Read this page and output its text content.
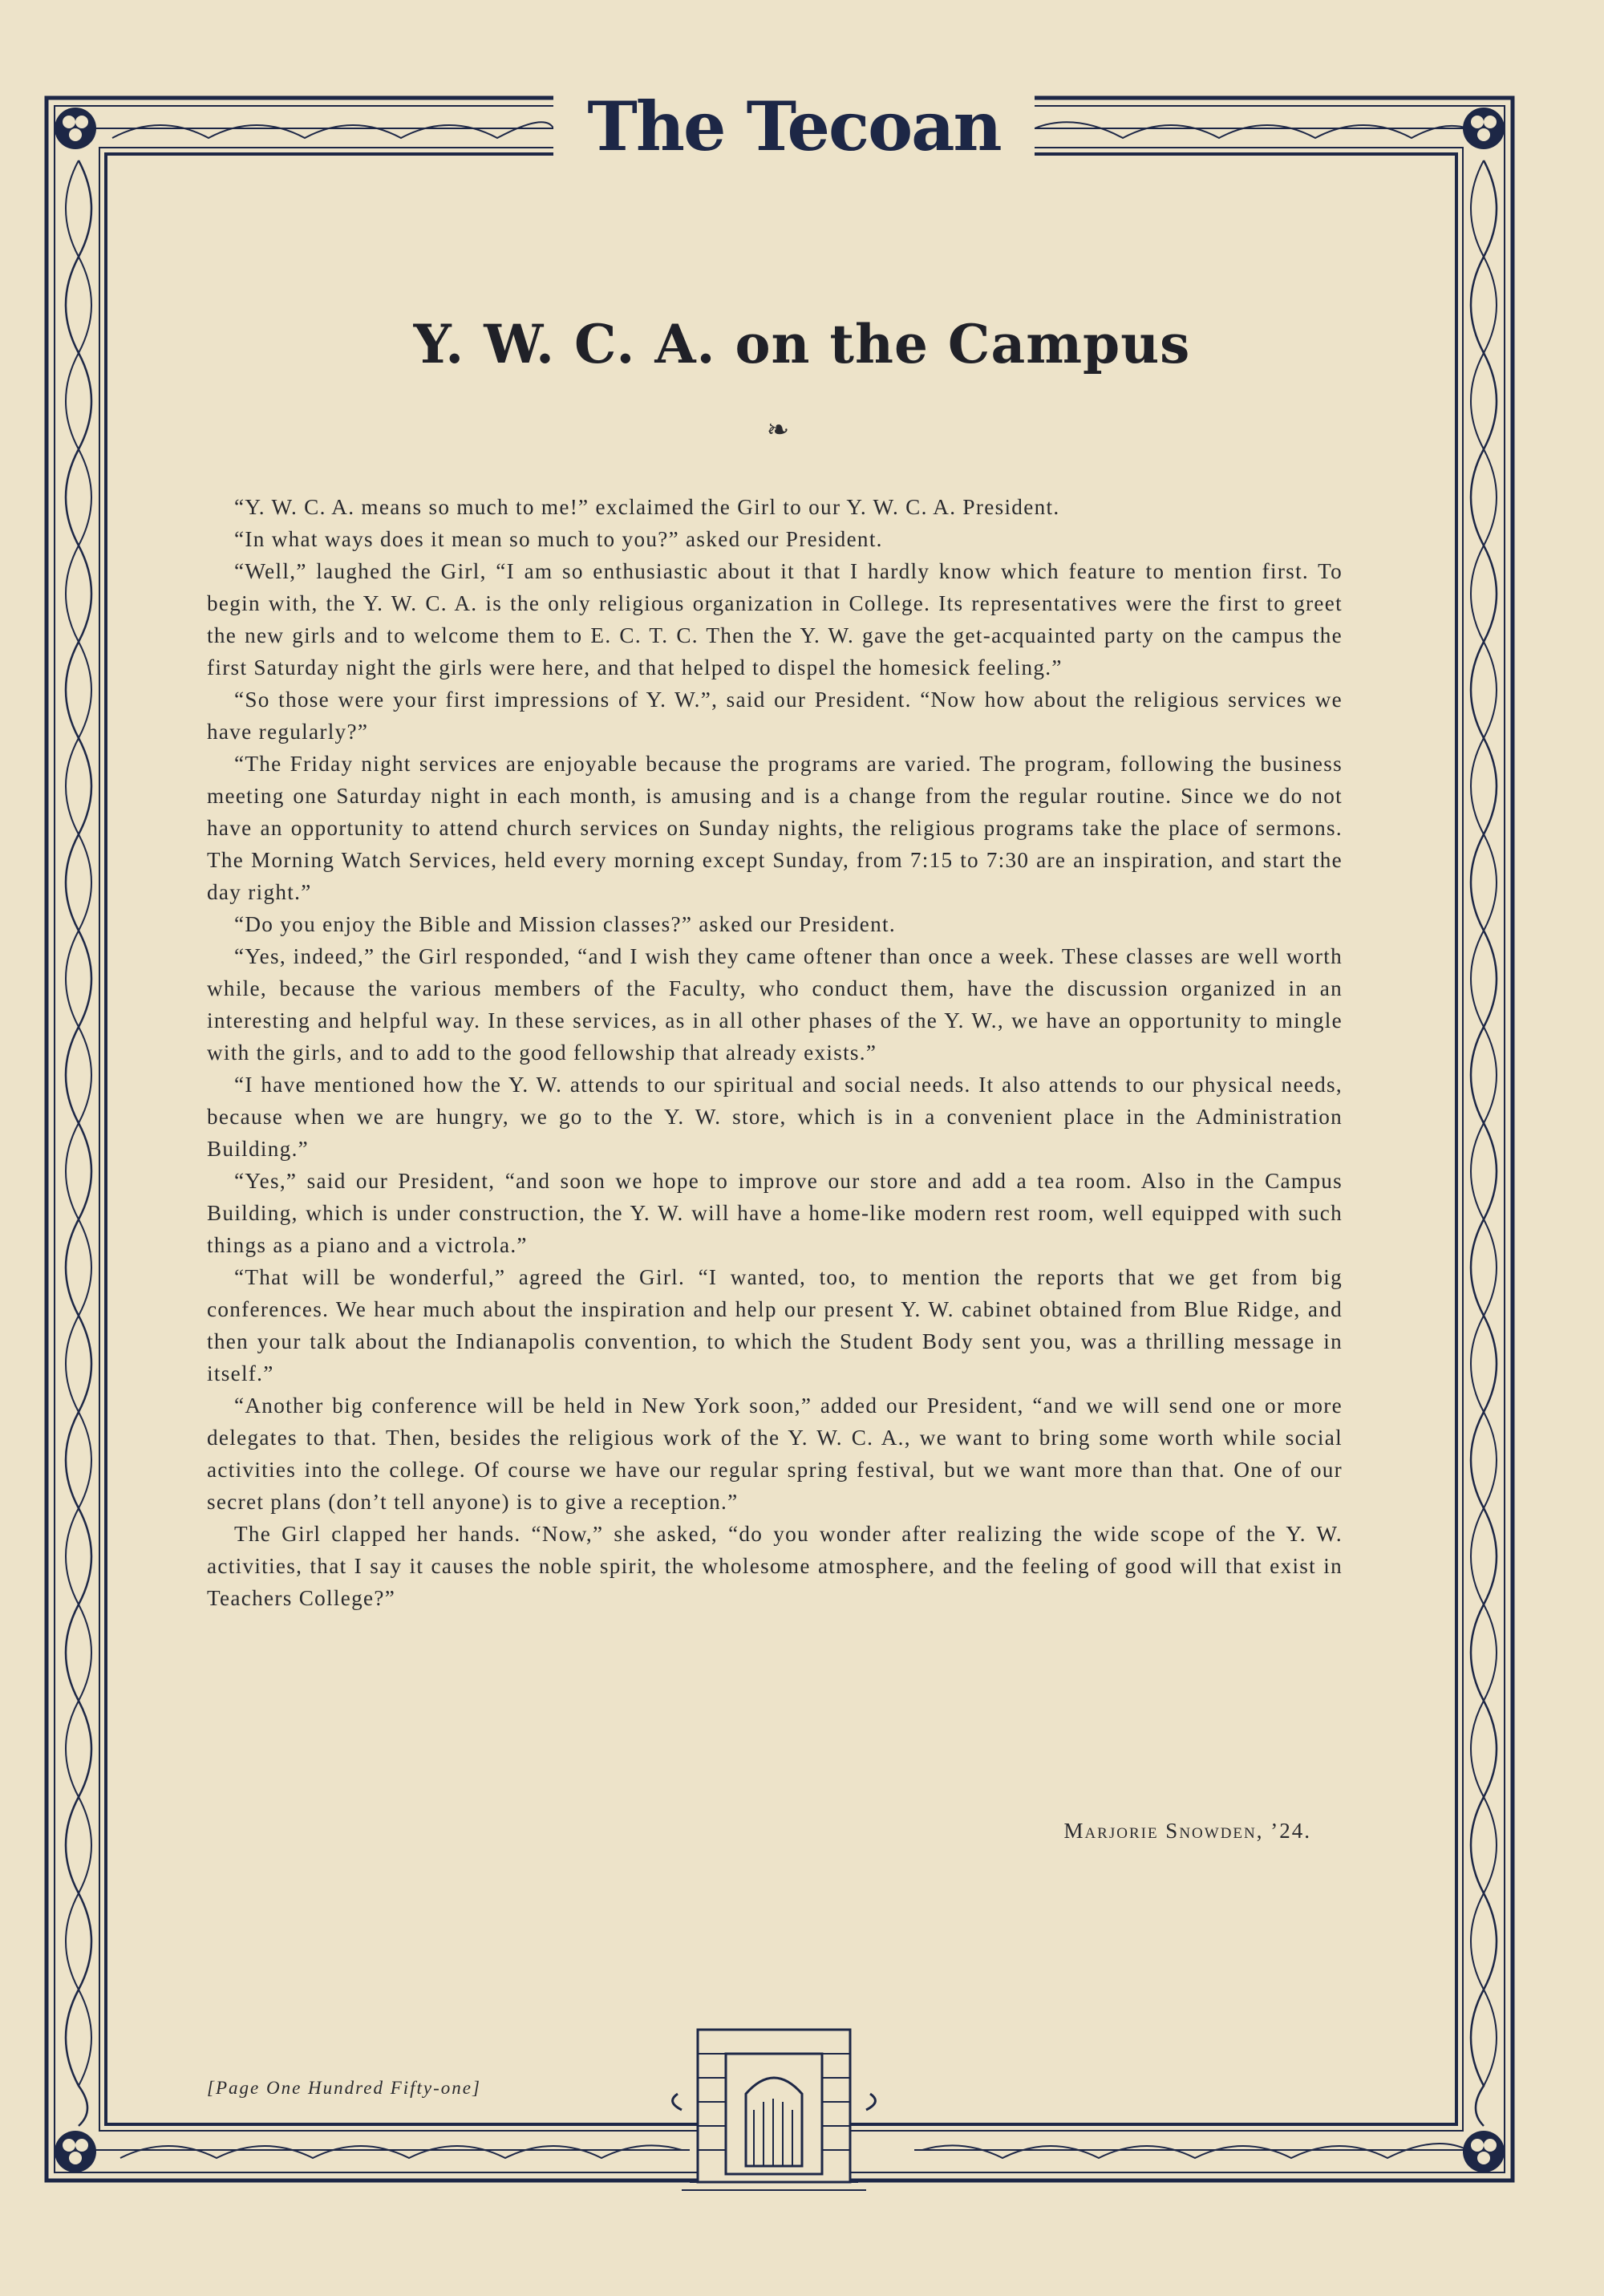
The Tecoan
Y. W. C. A. on the Campus
❧

“Y. W. C. A. means so much to me!” exclaimed the Girl to our Y. W. C. A. President.

“In what ways does it mean so much to you?” asked our President.

“Well,” laughed the Girl, “I am so enthusiastic about it that I hardly know which feature to mention first. To begin with, the Y. W. C. A. is the only religious organization in College. Its representatives were the first to greet the new girls and to welcome them to E. C. T. C. Then the Y. W. gave the get-acquainted party on the campus the first Saturday night the girls were here, and that helped to dispel the homesick feeling.”

“So those were your first impressions of Y. W.”, said our President. “Now how about the religious services we have regularly?”

“The Friday night services are enjoyable because the programs are varied. The program, following the business meeting one Saturday night in each month, is amusing and is a change from the regular routine. Since we do not have an opportunity to attend church services on Sunday nights, the religious programs take the place of sermons. The Morning Watch Services, held every morning except Sunday, from 7:15 to 7:30 are an inspiration, and start the day right.”

“Do you enjoy the Bible and Mission classes?” asked our President.

“Yes, indeed,” the Girl responded, “and I wish they came oftener than once a week. These classes are well worth while, because the various members of the Faculty, who conduct them, have the discussion organized in an interesting and helpful way. In these services, as in all other phases of the Y. W., we have an opportunity to mingle with the girls, and to add to the good fellowship that already exists.”

“I have mentioned how the Y. W. attends to our spiritual and social needs. It also attends to our physical needs, because when we are hungry, we go to the Y. W. store, which is in a convenient place in the Administration Building.”

“Yes,” said our President, “and soon we hope to improve our store and add a tea room. Also in the Campus Building, which is under construction, the Y. W. will have a home-like modern rest room, well equipped with such things as a piano and a victrola.”

“That will be wonderful,” agreed the Girl. “I wanted, too, to mention the reports that we get from big conferences. We hear much about the inspiration and help our present Y. W. cabinet obtained from Blue Ridge, and then your talk about the Indianapolis convention, to which the Student Body sent you, was a thrilling message in itself.”

“Another big conference will be held in New York soon,” added our President, “and we will send one or more delegates to that. Then, besides the religious work of the Y. W. C. A., we want to bring some worth while social activities into the college. Of course we have our regular spring festival, but we want more than that. One of our secret plans (don’t tell anyone) is to give a reception.”

The Girl clapped her hands. “Now,” she asked, “do you wonder after realizing the wide scope of the Y. W. activities, that I say it causes the noble spirit, the wholesome atmosphere, and the feeling of good will that exist in Teachers College?”

Marjorie Snowden, ’24.
[Page One Hundred Fifty-one]
